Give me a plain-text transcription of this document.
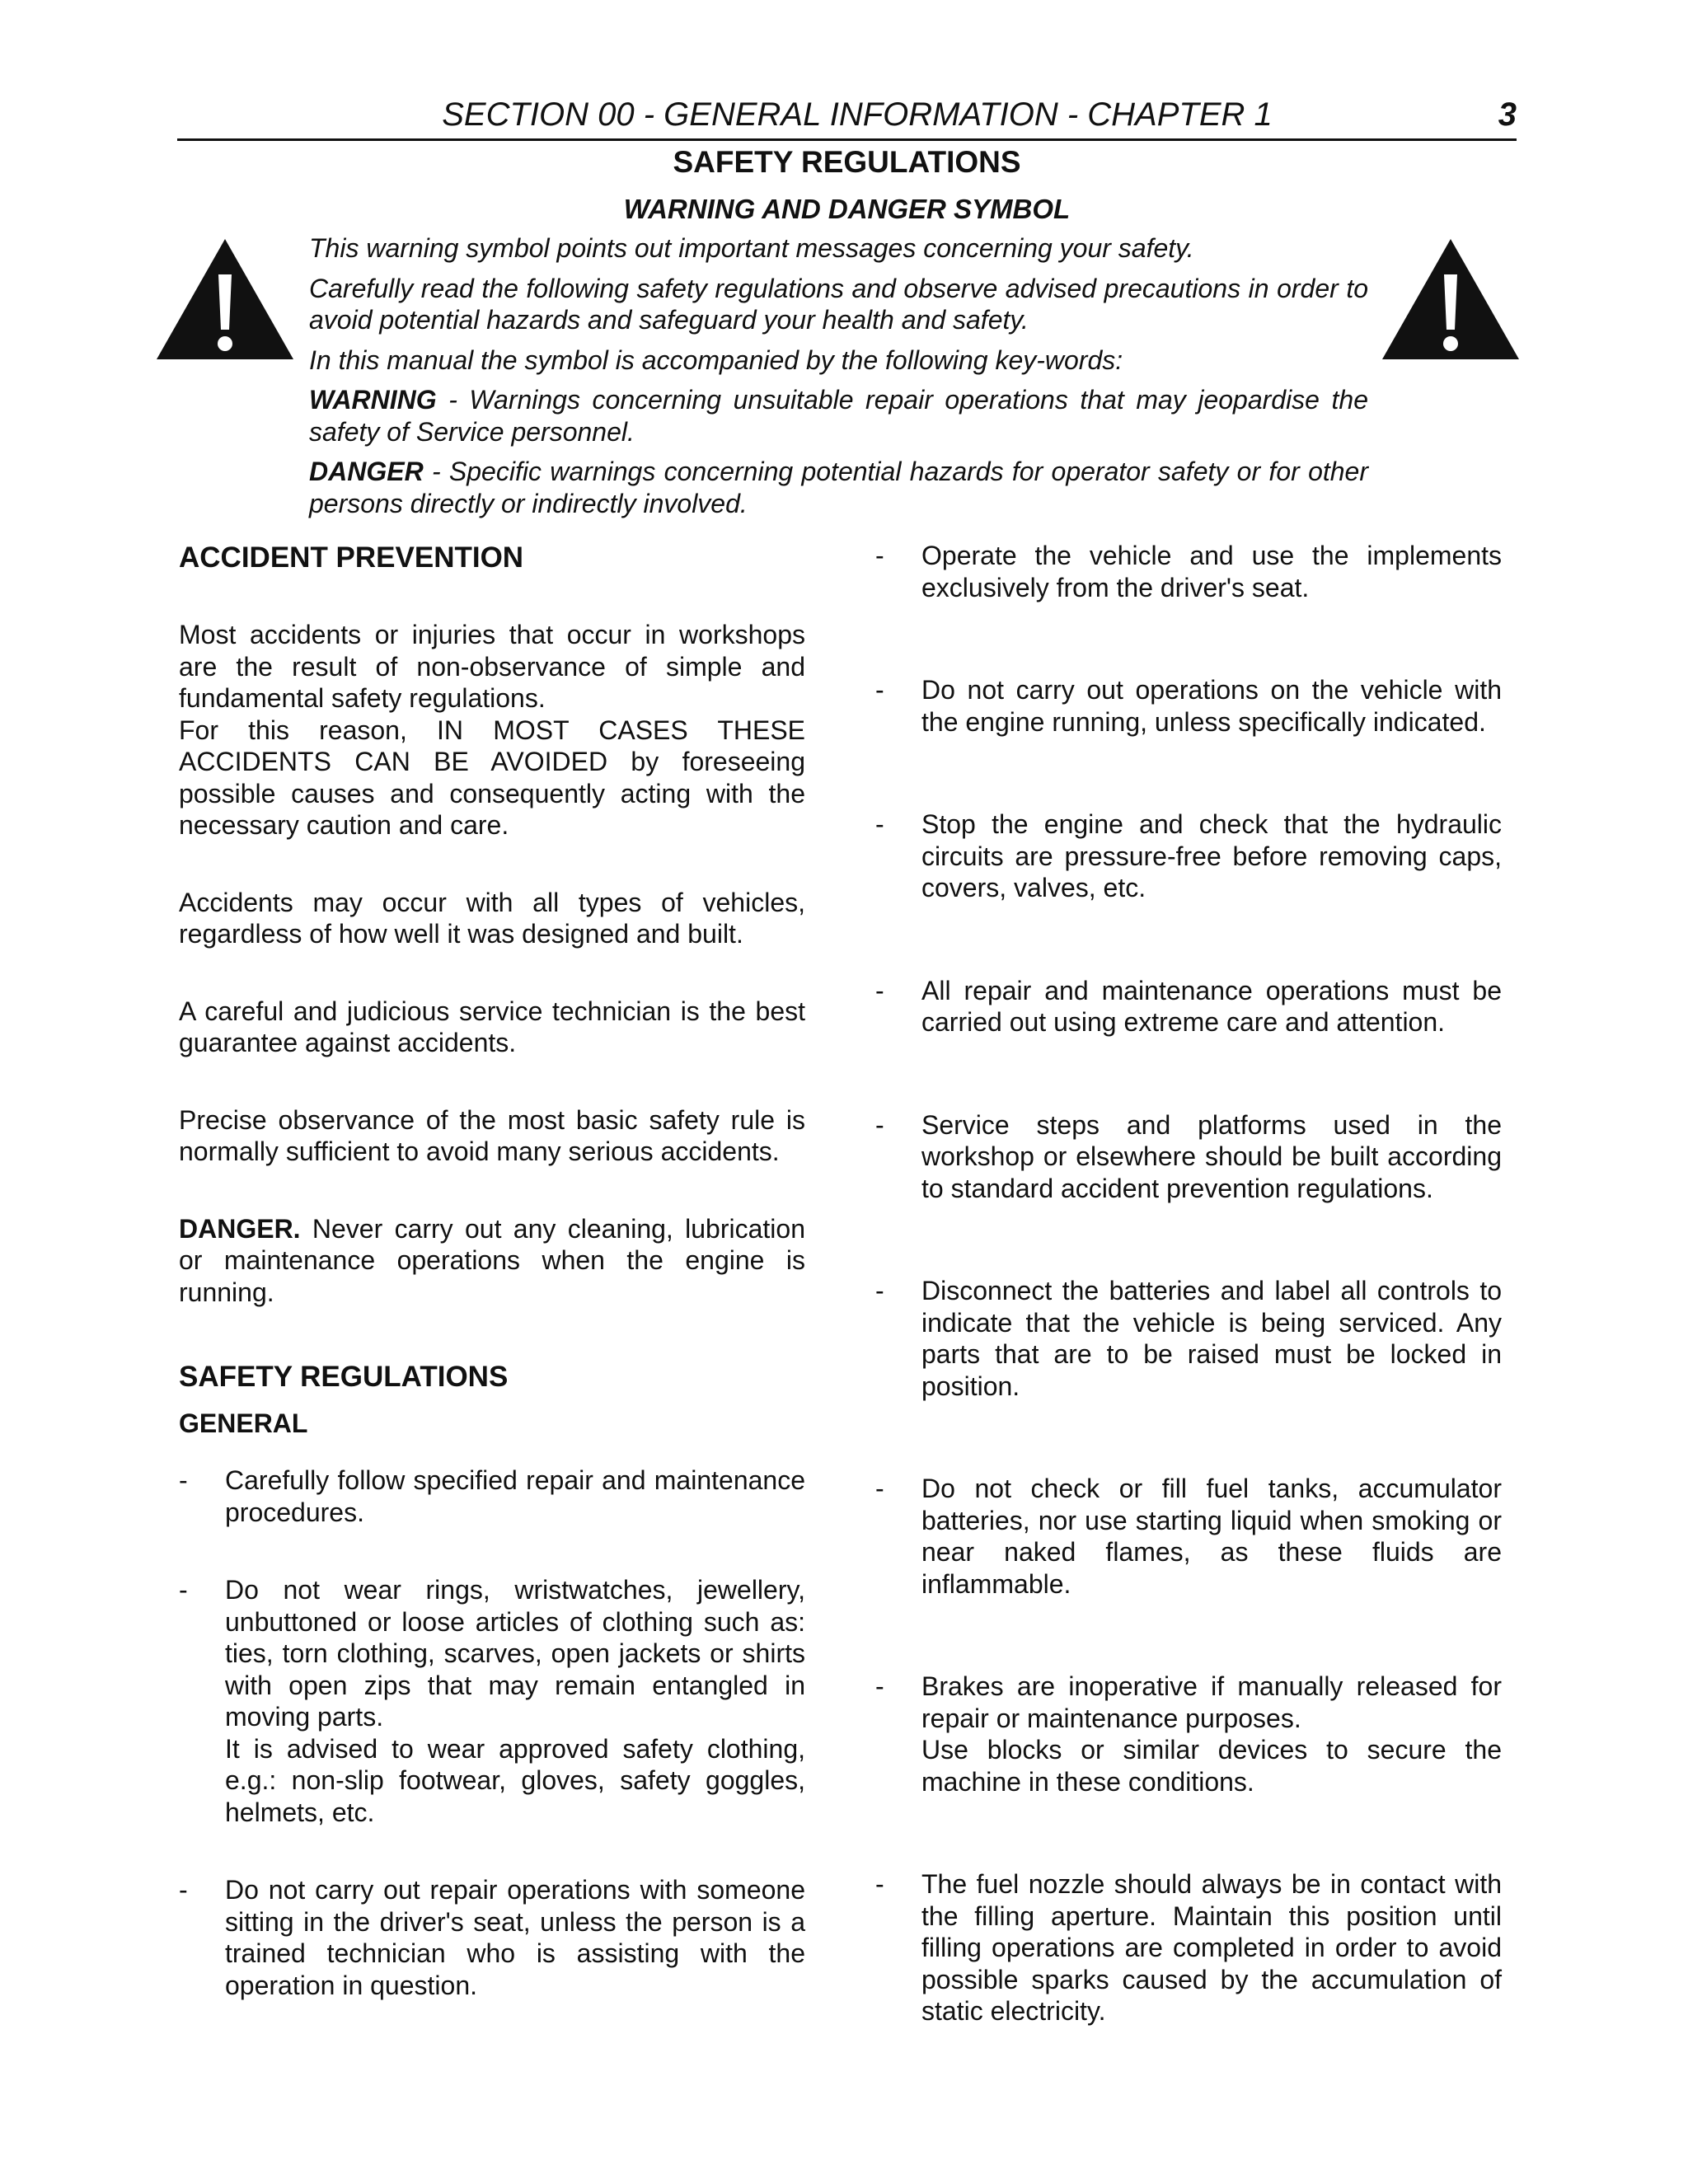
SECTION 00 - GENERAL INFORMATION - CHAPTER 1	3
SAFETY REGULATIONS
WARNING AND DANGER SYMBOL

This warning symbol points out important messages concerning your safety.

Carefully read the following safety regulations and observe advised precautions in order to avoid potential hazards and safeguard your health and safety.

In this manual the symbol is accompanied by the following key-words:

WARNING - Warnings concerning unsuitable repair operations that may jeopardise the safety of Service personnel.

DANGER - Specific warnings concerning potential hazards for operator safety or for other persons directly or indirectly involved.

ACCIDENT PREVENTION

Most accidents or injuries that occur in workshops are the result of non-observance of simple and fundamental safety regulations.

For this reason, IN MOST CASES THESE ACCIDENTS CAN BE AVOIDED by foreseeing possible causes and consequently acting with the necessary caution and care.

Accidents may occur with all types of vehicles, regardless of how well it was designed and built.

A careful and judicious service technician is the best guarantee against accidents.

Precise observance of the most basic safety rule is normally sufficient to avoid many serious accidents.

DANGER. Never carry out any cleaning, lubrication or maintenance operations when the engine is running.

SAFETY REGULATIONS
GENERAL
-	Carefully follow specified repair and maintenance procedures.

-	Do not wear rings, wristwatches, jewellery, unbuttoned or loose articles of clothing such as: ties, torn clothing, scarves, open jackets or shirts with open zips that may remain entangled in moving parts.

It is advised to wear approved safety clothing, e.g.: non-slip footwear, gloves, safety goggles, helmets, etc.

-	Do not carry out repair operations with someone sitting in the driver's seat, unless the person is a trained technician who is assisting with the operation in question.

-	Operate the vehicle and use the implements exclusively from the driver's seat.

-	Do not carry out operations on the vehicle with the engine running, unless specifically indicated.

-	Stop the engine and check that the hydraulic circuits are pressure-free before removing caps, covers, valves, etc.

-	All repair and maintenance operations must be carried out using extreme care and attention.

-	Service steps and platforms used in the workshop or elsewhere should be built according to standard accident prevention regulations.

-	Disconnect the batteries and label all controls to indicate that the vehicle is being serviced. Any parts that are to be raised must be locked in position.

-	Do not check or fill fuel tanks, accumulator batteries, nor use starting liquid when smoking or near naked flames, as these fluids are inflammable.

-	Brakes are inoperative if manually released for repair or maintenance purposes.

Use blocks or similar devices to secure the machine in these conditions.

-	The fuel nozzle should always be in contact with the filling aperture. Maintain this position until filling operations are completed in order to avoid possible sparks caused by the accumulation of static electricity.
